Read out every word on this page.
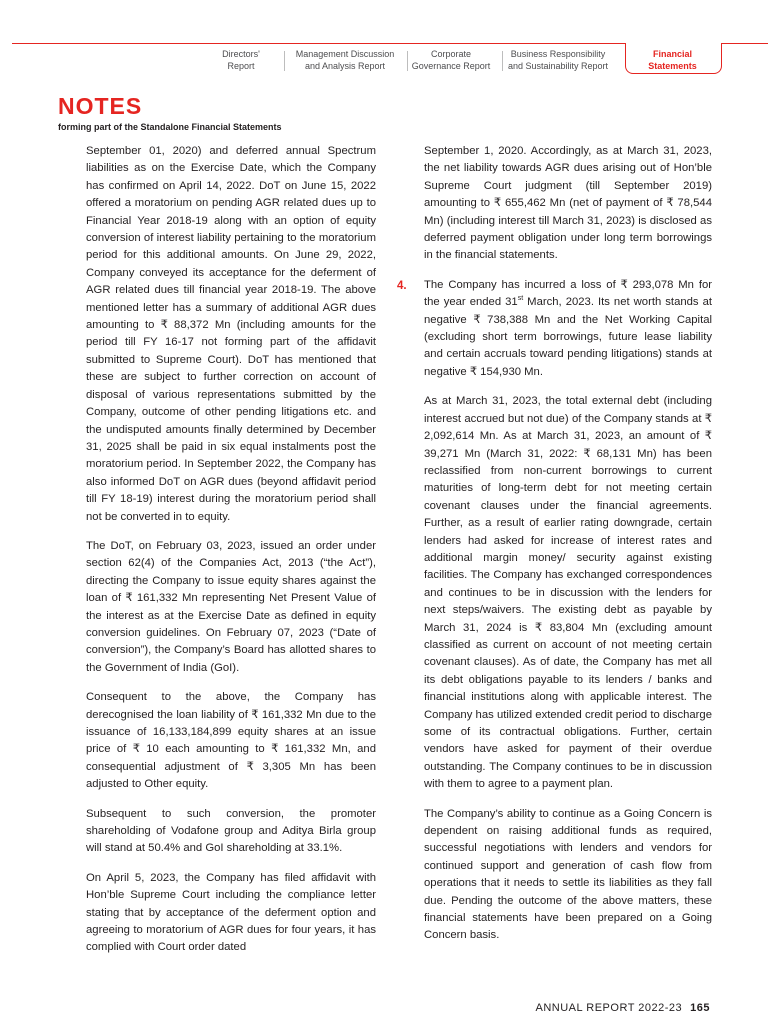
Directors'
Report
Management Discussion
and Analysis Report
Corporate
Governance Report
Business Responsibility
and Sustainability Report
Financial
Statements
NOTES
forming part of the Standalone Financial Statements

September 01, 2020) and deferred annual Spectrum liabilities as on the Exercise Date, which the Company has confirmed on April 14, 2022. DoT on June 15, 2022 offered a moratorium on pending AGR related dues up to Financial Year 2018-19 along with an option of equity conversion of interest liability pertaining to the moratorium period for this additional amounts. On June 29, 2022, Company conveyed its acceptance for the deferment of AGR related dues till financial year 2018-19. The above mentioned letter has a summary of additional AGR dues amounting to ₹ 88,372 Mn (including amounts for the period till FY 16-17 not forming part of the affidavit submitted to Supreme Court). DoT has mentioned that these are subject to further correction on account of disposal of various representations submitted by the Company, outcome of other pending litigations etc. and the undisputed amounts finally determined by December 31, 2025 shall be paid in six equal instalments post the moratorium period. In September 2022, the Company has also informed DoT on AGR dues (beyond affidavit period till FY 18-19) interest during the moratorium period shall not be converted in to equity.

The DoT, on February 03, 2023, issued an order under section 62(4) of the Companies Act, 2013 (“the Act”), directing the Company to issue equity shares against the loan of ₹ 161,332 Mn representing Net Present Value of the interest as at the Exercise Date as defined in equity conversion guidelines. On February 07, 2023 (“Date of conversion”), the Company’s Board has allotted shares to the Government of India (GoI).

Consequent to the above, the Company has derecognised the loan liability of ₹ 161,332 Mn due to the issuance of 16,133,184,899 equity shares at an issue price of ₹ 10 each amounting to ₹ 161,332 Mn, and consequential adjustment of ₹ 3,305 Mn has been adjusted to Other equity.

Subsequent to such conversion, the promoter shareholding of Vodafone group and Aditya Birla group will stand at 50.4% and GoI shareholding at 33.1%.

On April 5, 2023, the Company has filed affidavit with Hon’ble Supreme Court including the compliance letter stating that by acceptance of the deferment option and agreeing to moratorium of AGR dues for four years, it has complied with Court order dated

4.

September 1, 2020. Accordingly, as at March 31, 2023, the net liability towards AGR dues arising out of Hon’ble Supreme Court judgment (till September 2019) amounting to ₹ 655,462 Mn (net of payment of ₹ 78,544 Mn) (including interest till March 31, 2023) is disclosed as deferred payment obligation under long term borrowings in the financial statements.

The Company has incurred a loss of ₹ 293,078 Mn for the year ended 31st March, 2023. Its net worth stands at negative ₹ 738,388 Mn and the Net Working Capital (excluding short term borrowings, future lease liability and certain accruals toward pending litigations) stands at negative ₹ 154,930 Mn.

As at March 31, 2023, the total external debt (including interest accrued but not due) of the Company stands at ₹ 2,092,614 Mn. As at March 31, 2023, an amount of ₹ 39,271 Mn (March 31, 2022: ₹ 68,131 Mn) has been reclassified from non-current borrowings to current maturities of long-term debt for not meeting certain covenant clauses under the financial agreements. Further, as a result of earlier rating downgrade, certain lenders had asked for increase of interest rates and additional margin money/ security against existing facilities. The Company has exchanged correspondences and continues to be in discussion with the lenders for next steps/waivers. The existing debt as payable by March 31, 2024 is ₹ 83,804 Mn (excluding amount classified as current on account of not meeting certain covenant clauses). As of date, the Company has met all its debt obligations payable to its lenders / banks and financial institutions along with applicable interest. The Company has utilized extended credit period to discharge some of its contractual obligations. Further, certain vendors have asked for payment of their overdue outstanding. The Company continues to be in discussion with them to agree to a payment plan.

The Company’s ability to continue as a Going Concern is dependent on raising additional funds as required, successful negotiations with lenders and vendors for continued support and generation of cash flow from operations that it needs to settle its liabilities as they fall due. Pending the outcome of the above matters, these financial statements have been prepared on a Going Concern basis.

ANNUAL REPORT 2022-23 165
